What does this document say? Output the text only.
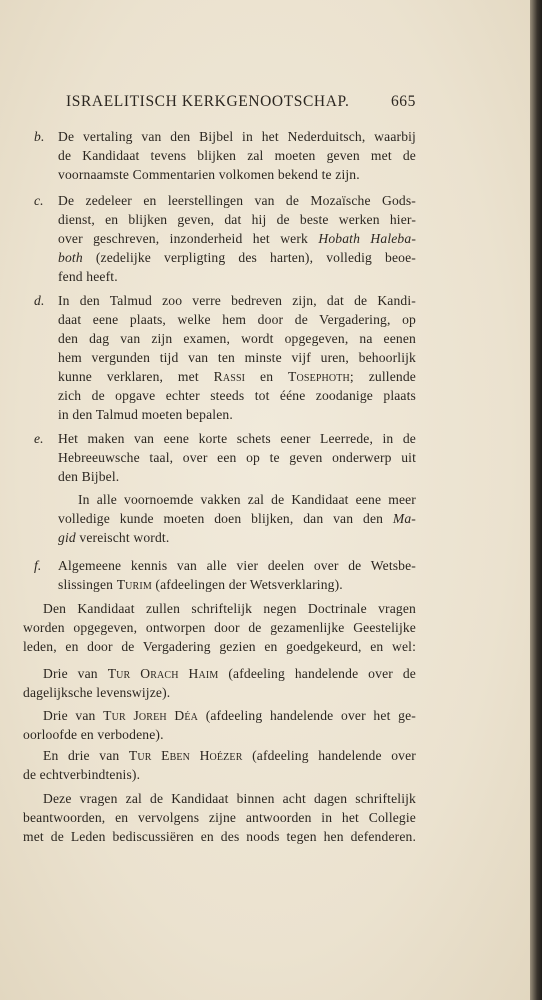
ISRAELITISCH KERKGENOOTSCHAP.	665
b. De vertaling van den Bijbel in het Nederduitsch, waarbij
de Kandidaat tevens blijken zal moeten geven met de
voornaamste Commentarien volkomen bekend te zijn.
c. De zedeleer en leerstellingen van de Mozaïsche Gods-
dienst, en blijken geven, dat hij de beste werken hier-
over geschreven, inzonderheid het werk Hobath Haleba-
both (zedelijke verpligting des harten), volledig beoe-
fend heeft.
d. In den Talmud zoo verre bedreven zijn, dat de Kandi-
daat eene plaats, welke hem door de Vergadering, op
den dag van zijn examen, wordt opgegeven, na eenen
hem vergunden tijd van ten minste vijf uren, behoorlijk
kunne verklaren, met Rassi en Tosephoth; zullende
zich de opgave echter steeds tot ééne zoodanige plaats
in den Talmud moeten bepalen.
e. Het maken van eene korte schets eener Leerrede, in de
Hebreeuwsche taal, over een op te geven onderwerp uit
den Bijbel.
In alle voornoemde vakken zal de Kandidaat eene meer
volledige kunde moeten doen blijken, dan van den Ma-
gid vereischt wordt.
f. Algemeene kennis van alle vier deelen over de Wetsbe-
slissingen Turim (afdeelingen der Wetsverklaring).
Den Kandidaat zullen schriftelijk negen Doctrinale vragen
worden opgegeven, ontworpen door de gezamenlijke Geestelijke
leden, en door de Vergadering gezien en goedgekeurd, en wel:
Drie van Tur Orach Haim (afdeeling handelende over de
dagelijksche levenswijze).
Drie van Tur Joreh Déa (afdeeling handelende over het ge-
oorloofde en verbodene).
En drie van Tur Eben Hoézer (afdeeling handelende over
de echtverbindtenis).
Deze vragen zal de Kandidaat binnen acht dagen schriftelijk
beantwoorden, en vervolgens zijne antwoorden in het Collegie
met de Leden bediscussiëren en des noods tegen hen defenderen.
